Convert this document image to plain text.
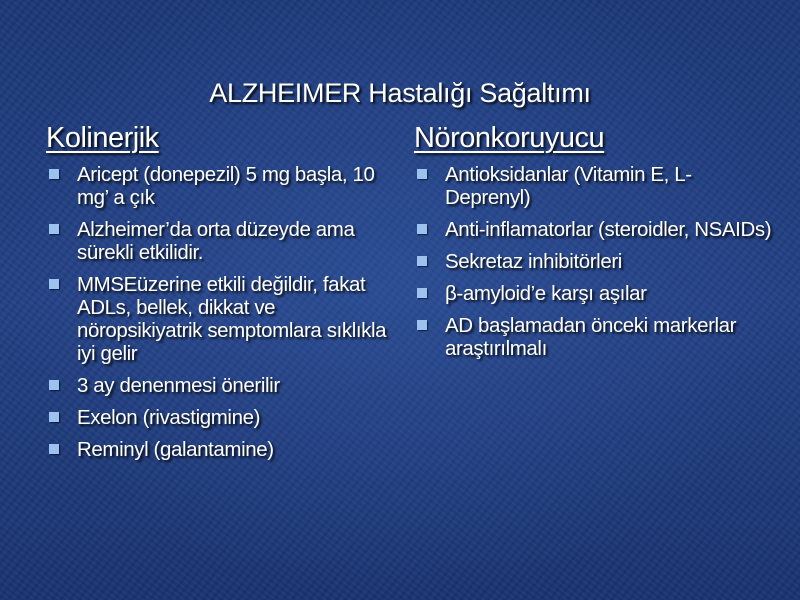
ALZHEIMER Hastalığı Sağaltımı
Kolinerjik
Aricept (donepezil) 5 mg başla, 10 mg’ a çık
Alzheimer’da orta düzeyde ama sürekli etkilidir.
MMSEüzerine etkili değildir, fakat ADLs, bellek, dikkat ve nöropsikiyatrik semptomlara sıklıkla iyi gelir
3 ay denenmesi önerilir
Exelon (rivastigmine)
Reminyl (galantamine)
Nöronkoruyucu
Antioksidanlar (Vitamin E, L-Deprenyl)
Anti-inflamatorlar (steroidler, NSAIDs)
Sekretaz inhibitörleri
β-amyloid’e karşı aşılar
AD başlamadan önceki markerlar araştırılmalı
